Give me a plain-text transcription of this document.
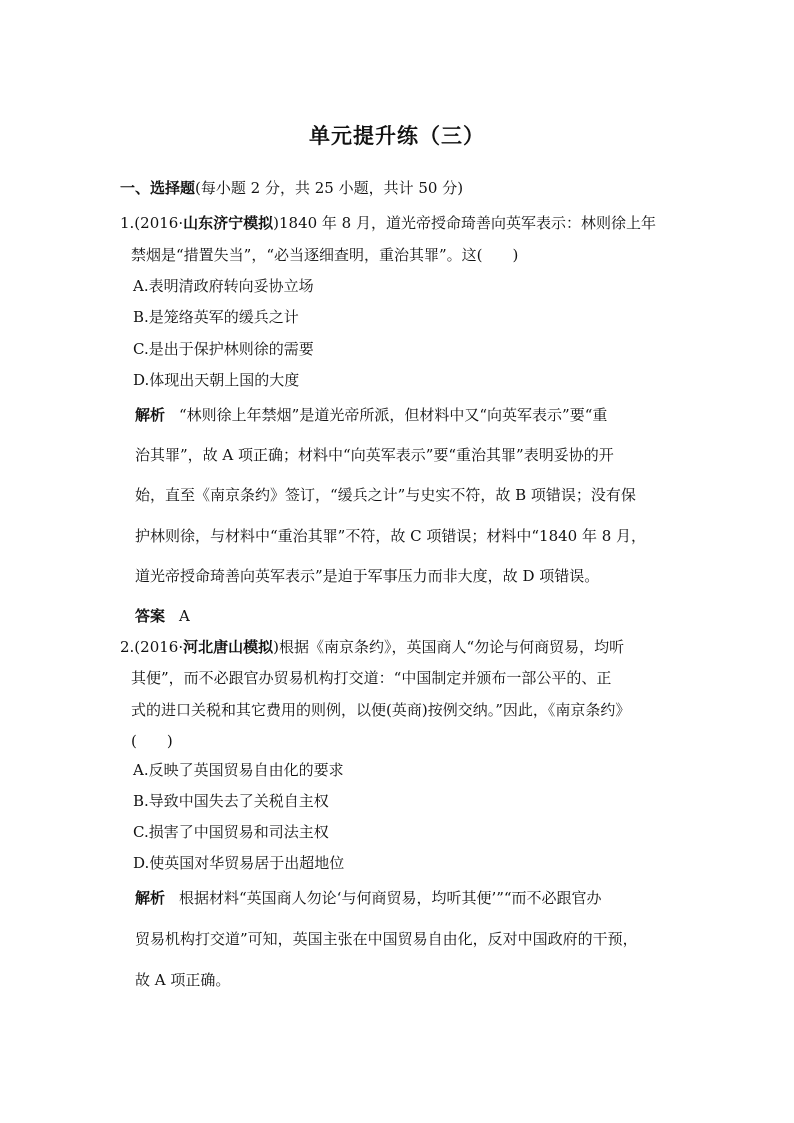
单元提升练（三）
一、选择题(每小题 2 分，共 25 小题，共计 50 分)
1.(2016·山东济宁模拟)1840 年 8 月，道光帝授命琦善向英军表示：林则徐上年
禁烟是“措置失当”，“必当逐细查明，重治其罪”。这(　　)
A.表明清政府转向妥协立场
B.是笼络英军的缓兵之计
C.是出于保护林则徐的需要
D.体现出天朝上国的大度
解析 “林则徐上年禁烟”是道光帝所派，但材料中又“向英军表示”要“重
治其罪”，故 A 项正确；材料中“向英军表示”要“重治其罪”表明妥协的开
始，直至《南京条约》签订，“缓兵之计”与史实不符，故 B 项错误；没有保
护林则徐，与材料中“重治其罪”不符，故 C 项错误；材料中“1840 年 8 月，
道光帝授命琦善向英军表示”是迫于军事压力而非大度，故 D 项错误。
答案 A
2.(2016·河北唐山模拟)根据《南京条约》，英国商人“勿论与何商贸易，均听
其便”，而不必跟官办贸易机构打交道：“中国制定并颁布一部公平的、正
式的进口关税和其它费用的则例，以便(英商)按例交纳。”因此，《南京条约》
(　　)
A.反映了英国贸易自由化的要求
B.导致中国失去了关税自主权
C.损害了中国贸易和司法主权
D.使英国对华贸易居于出超地位
解析 根据材料“英国商人勿论‘与何商贸易，均听其便’”“而不必跟官办
贸易机构打交道”可知，英国主张在中国贸易自由化，反对中国政府的干预，
故 A 项正确。
